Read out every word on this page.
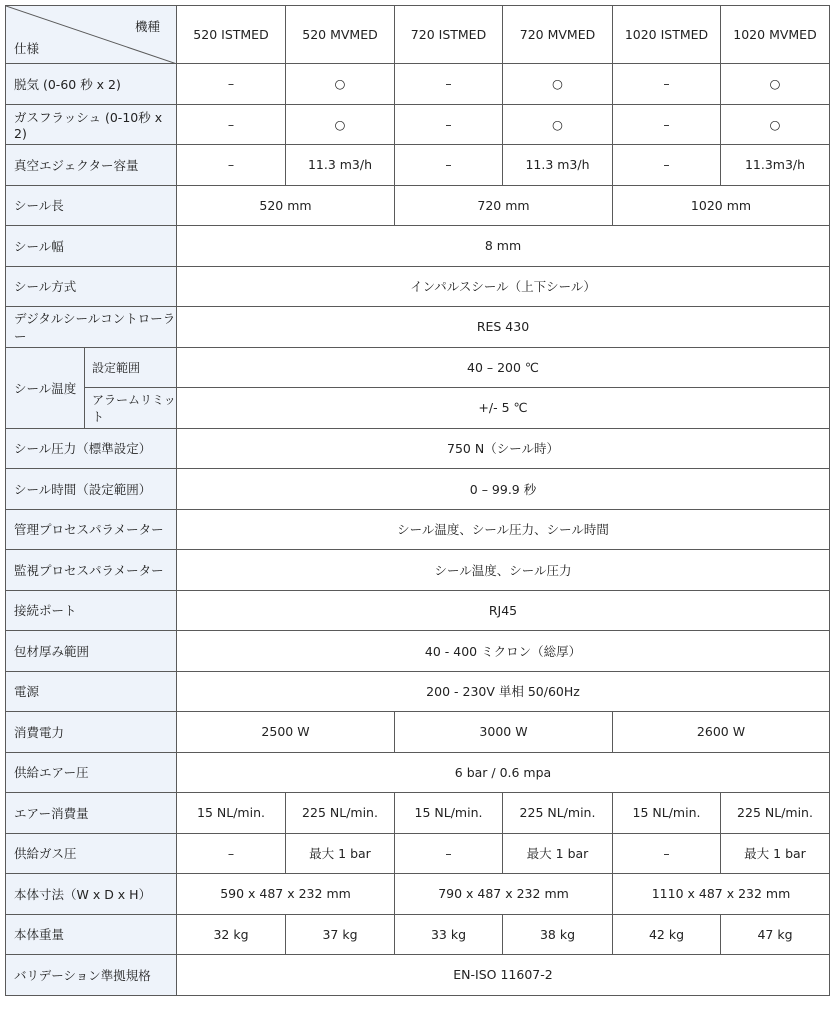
機種
仕様		520 ISTMED	520 MVMED	720 ISTMED	720 MVMED	1020 ISTMED	1020 MVMED
脱気 (0-60 秒 x 2)		–	○	–	○	–	○
ガスフラッシュ (0-10秒 x 2)		–	○	–	○	–	○
真空エジェクター容量		–	11.3 m3/h	–	11.3 m3/h	–	11.3m3/h
シール長		520 mm		720 mm		1020 mm	
シール幅		8 mm					
シール方式		インパルスシール（上下シール）					
デジタルシールコントローラー		RES 430					
シール温度	設定範囲	40 – 200 ℃					
	アラームリミット	+/- 5 ℃					
シール圧力（標準設定）		750 N（シール時）					
シール時間（設定範囲）		0 – 99.9 秒					
管理プロセスパラメーター		シール温度、シール圧力、シール時間					
監視プロセスパラメーター		シール温度、シール圧力					
接続ポート		RJ45					
包材厚み範囲		40 - 400 ミクロン（総厚）					
電源		200 - 230V 単相 50/60Hz					
消費電力		2500 W		3000 W		2600 W	
供給エアー圧		6 bar / 0.6 mpa					
エアー消費量		15 NL/min.	225 NL/min.	15 NL/min.	225 NL/min.	15 NL/min.	225 NL/min.
供給ガス圧		–	最大 1 bar	–	最大 1 bar	–	最大 1 bar
本体寸法（W x D x H）		590 x 487 x 232 mm		790 x 487 x 232 mm		1110 x 487 x 232 mm	
本体重量		32 kg	37 kg	33 kg	38 kg	42 kg	47 kg
バリデーション準拠規格		EN-ISO 11607-2					
